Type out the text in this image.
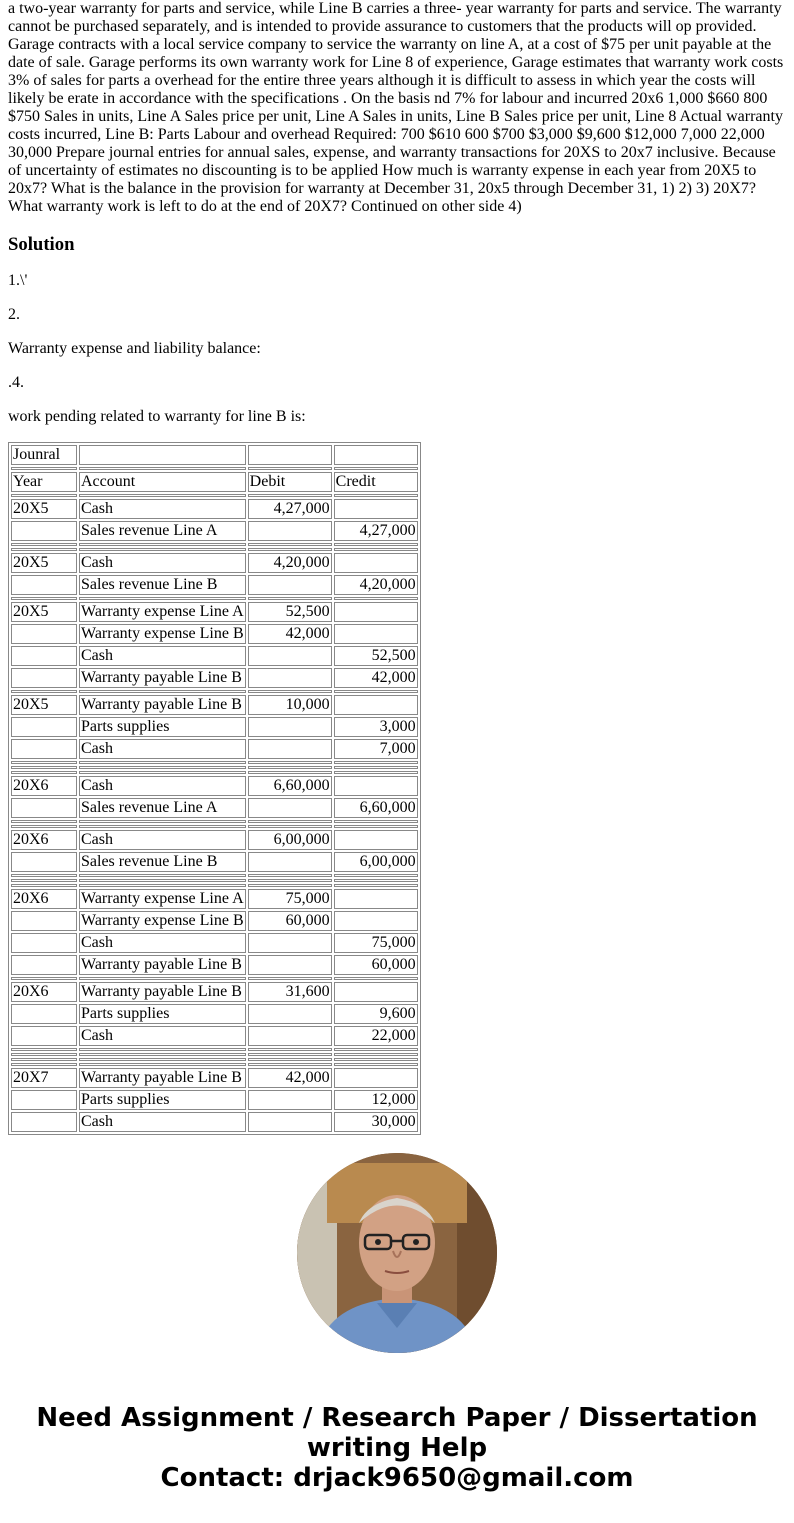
a two-year warranty for parts and service, while Line B carries a three- year warranty for parts and service. The warranty cannot be purchased separately, and is intended to provide assurance to customers that the products will op provided. Garage contracts with a local service company to service the warranty on line A, at a cost of $75 per unit payable at the date of sale. Garage performs its own warranty work for Line 8 of experience, Garage estimates that warranty work costs 3% of sales for parts a overhead for the entire three years although it is difficult to assess in which year the costs will likely be erate in accordance with the specifications . On the basis nd 7% for labour and incurred 20x6 1,000 $660 800 $750 Sales in units, Line A Sales price per unit, Line A Sales in units, Line B Sales price per unit, Line 8 Actual warranty costs incurred, Line B: Parts Labour and overhead Required: 700 $610 600 $700 $3,000 $9,600 $12,000 7,000 22,000 30,000 Prepare journal entries for annual sales, expense, and warranty transactions for 20XS to 20x7 inclusive. Because of uncertainty of estimates no discounting is to be applied How much is warranty expense in each year from 20X5 to 20x7? What is the balance in the provision for warranty at December 31, 20x5 through December 31, 1) 2) 3) 20X7? What warranty work is left to do at the end of 20X7? Continued on other side 4)

Solution

1.\'

2.

Warranty expense and liability balance:

.4.

work pending related to warranty for line B is:

Jounral			

Year	Account	Debit	Credit

20X5	Cash	4,27,000	
	Sales revenue Line A		4,27,000

20X5	Cash	4,20,000	
	Sales revenue Line B		4,20,000

20X5	Warranty expense Line A	52,500	
	Warranty expense Line B	42,000	
	Cash		52,500
	Warranty payable Line B		42,000

20X5	Warranty payable Line B	10,000	
	Parts supplies		3,000
	Cash		7,000

20X6	Cash	6,60,000	
	Sales revenue Line A		6,60,000

20X6	Cash	6,00,000	
	Sales revenue Line B		6,00,000

20X6	Warranty expense Line A	75,000	
	Warranty expense Line B	60,000	
	Cash		75,000
	Warranty payable Line B		60,000

20X6	Warranty payable Line B	31,600	
	Parts supplies		9,600
	Cash		22,000

20X7	Warranty payable Line B	42,000	
	Parts supplies		12,000
	Cash		30,000
Need Assignment / Research Paper / Dissertation
writing Help
Contact: drjack9650@gmail.com
